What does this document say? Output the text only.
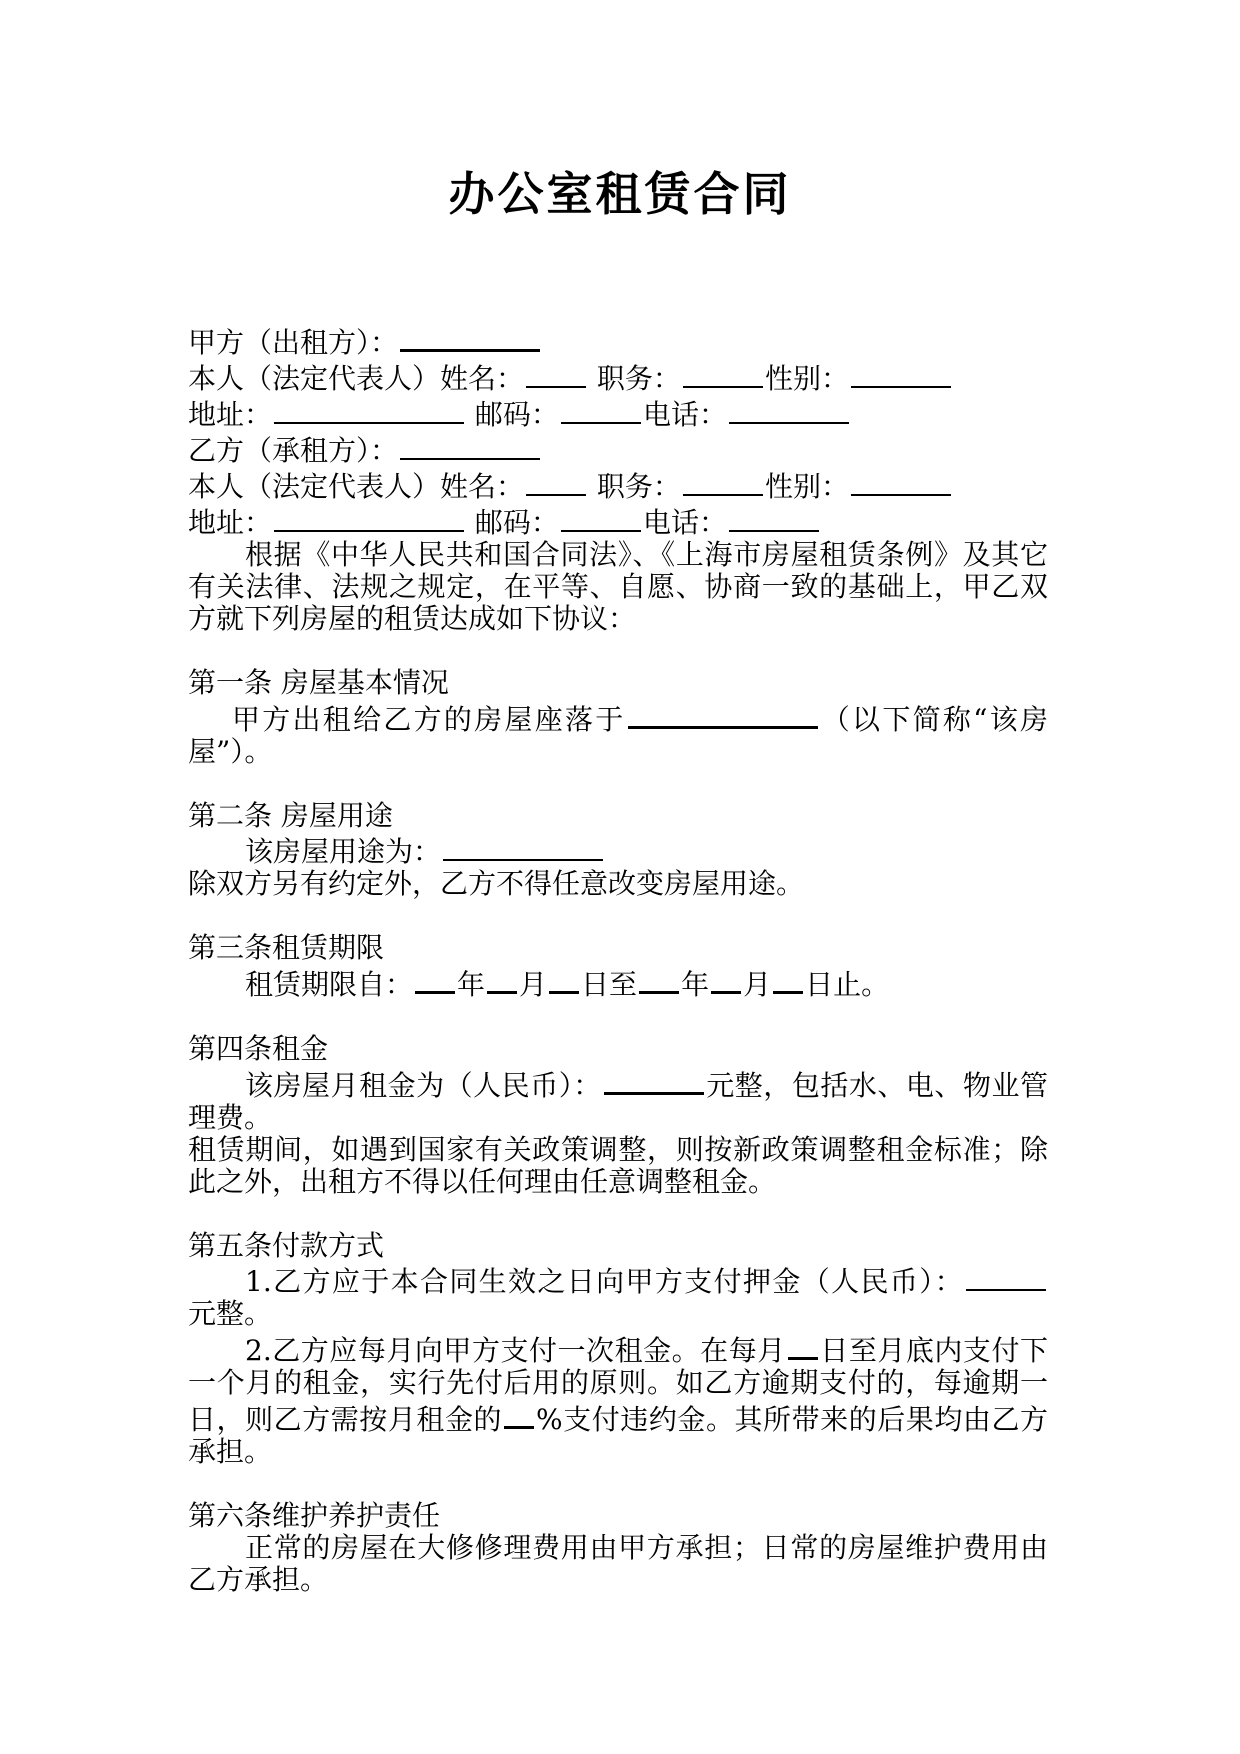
办公室租赁合同

甲方（出租方）：

本人（法定代表人）姓名：	职务：	性别：

地址：	邮码：	电话：

乙方（承租方）：

本人（法定代表人）姓名：	职务：	性别：

地址：	邮码：	电话：

根据《中华人民共和国合同法》、《上海市房屋租赁条例》及其它有关法律、法规之规定，在平等、自愿、协商一致的基础上，甲乙双方就下列房屋的租赁达成如下协议：

第一条 房屋基本情况

甲方出租给乙方的房屋座落于	（以下简称“该房屋”）。

第二条 房屋用途

该房屋用途为：

除双方另有约定外，乙方不得任意改变房屋用途。

第三条租赁期限

租赁期限自： 年 月 日至 年 月 日止。

第四条租金

该房屋月租金为（人民币）：	元整，包括水、电、物业管理费。

租赁期间，如遇到国家有关政策调整，则按新政策调整租金标准；除此之外，出租方不得以任何理由任意调整租金。

第五条付款方式

1.乙方应于本合同生效之日向甲方支付押金（人民币）： 元整。

2.乙方应每月向甲方支付一次租金。在每月 日至月底内支付下一个月的租金，实行先付后用的原则。如乙方逾期支付的，每逾期一日，则乙方需按月租金的 %支付违约金。其所带来的后果均由乙方承担。

第六条维护养护责任

正常的房屋在大修修理费用由甲方承担；日常的房屋维护费用由乙方承担。
